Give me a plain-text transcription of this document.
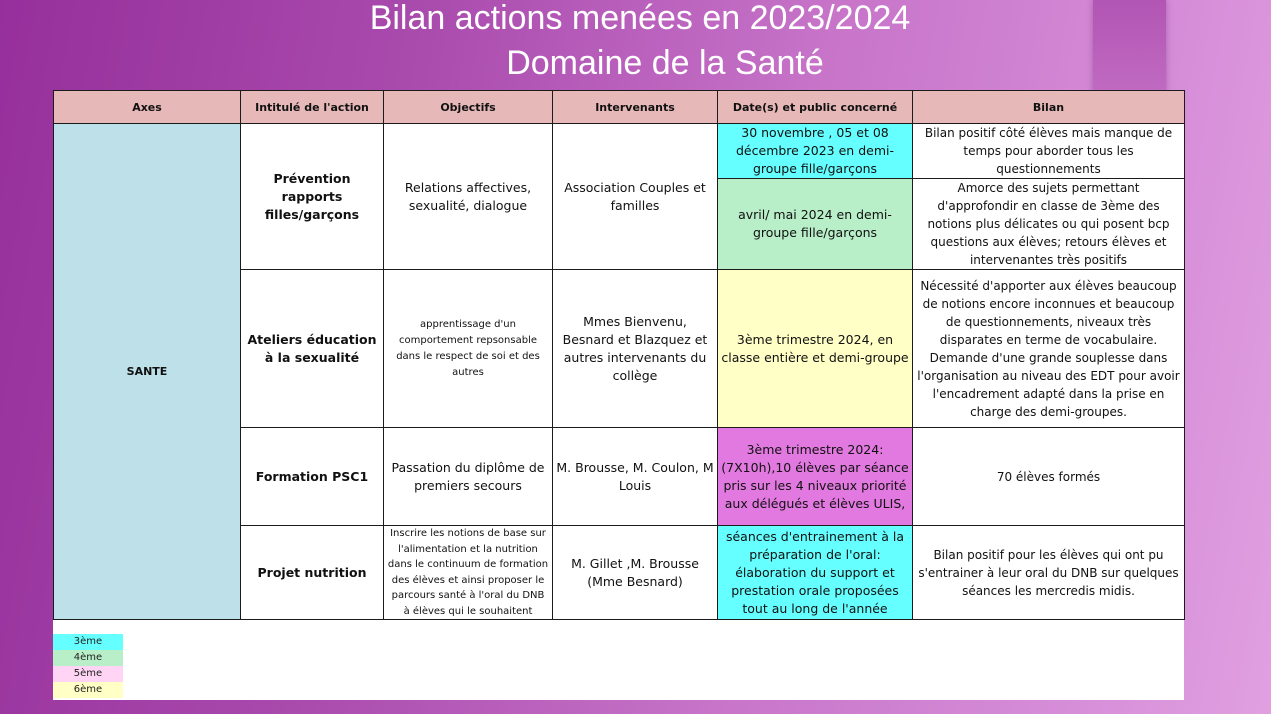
Bilan actions menées en 2023/2024
Domaine de la Santé
Axes	Intitulé de l'action	Objectifs	Intervenants	Date(s) et public concerné	Bilan
SANTE	Prévention rapports filles/garçons	Relations affectives, sexualité, dialogue	Association Couples et familles	30 novembre , 05 et 08 décembre 2023 en demi-groupe fille/garçons	Bilan positif côté élèves mais manque de temps pour aborder tous les questionnements
				avril/ mai 2024 en demi-groupe fille/garçons	Amorce des sujets permettant d'approfondir en classe de 3ème des notions plus délicates ou qui posent bcp questions aux élèves; retours élèves et intervenantes très positifs
	Ateliers éducation à la sexualité	apprentissage d'un comportement repsonsable dans le respect de soi et des autres	Mmes Bienvenu, Besnard et Blazquez et autres intervenants du collège	3ème trimestre 2024, en classe entière et demi-groupe	Nécessité d'apporter aux élèves beaucoup de notions encore inconnues et beaucoup de questionnements, niveaux très disparates en terme de vocabulaire. Demande d'une grande souplesse dans l'organisation au niveau des EDT pour avoir l'encadrement adapté dans la prise en charge des demi-groupes.
	Formation PSC1	Passation du diplôme de premiers secours	M. Brousse, M. Coulon, M Louis	3ème trimestre 2024: (7X10h),10 élèves par séance pris sur les 4 niveaux priorité aux délégués et élèves ULIS,	70 élèves formés
	Projet nutrition	Inscrire les notions de base sur l'alimentation et la nutrition dans le continuum de formation des élèves et ainsi proposer le parcours santé à l'oral du DNB à élèves qui le souhaitent	M. Gillet ,M. Brousse (Mme Besnard)	séances d'entrainement à la préparation de l'oral: élaboration du support et prestation orale proposées tout au long de l'année	Bilan positif pour les élèves qui ont pu s'entrainer à leur oral du DNB sur quelques séances les mercredis midis.
3ème
4ème
5ème
6ème
